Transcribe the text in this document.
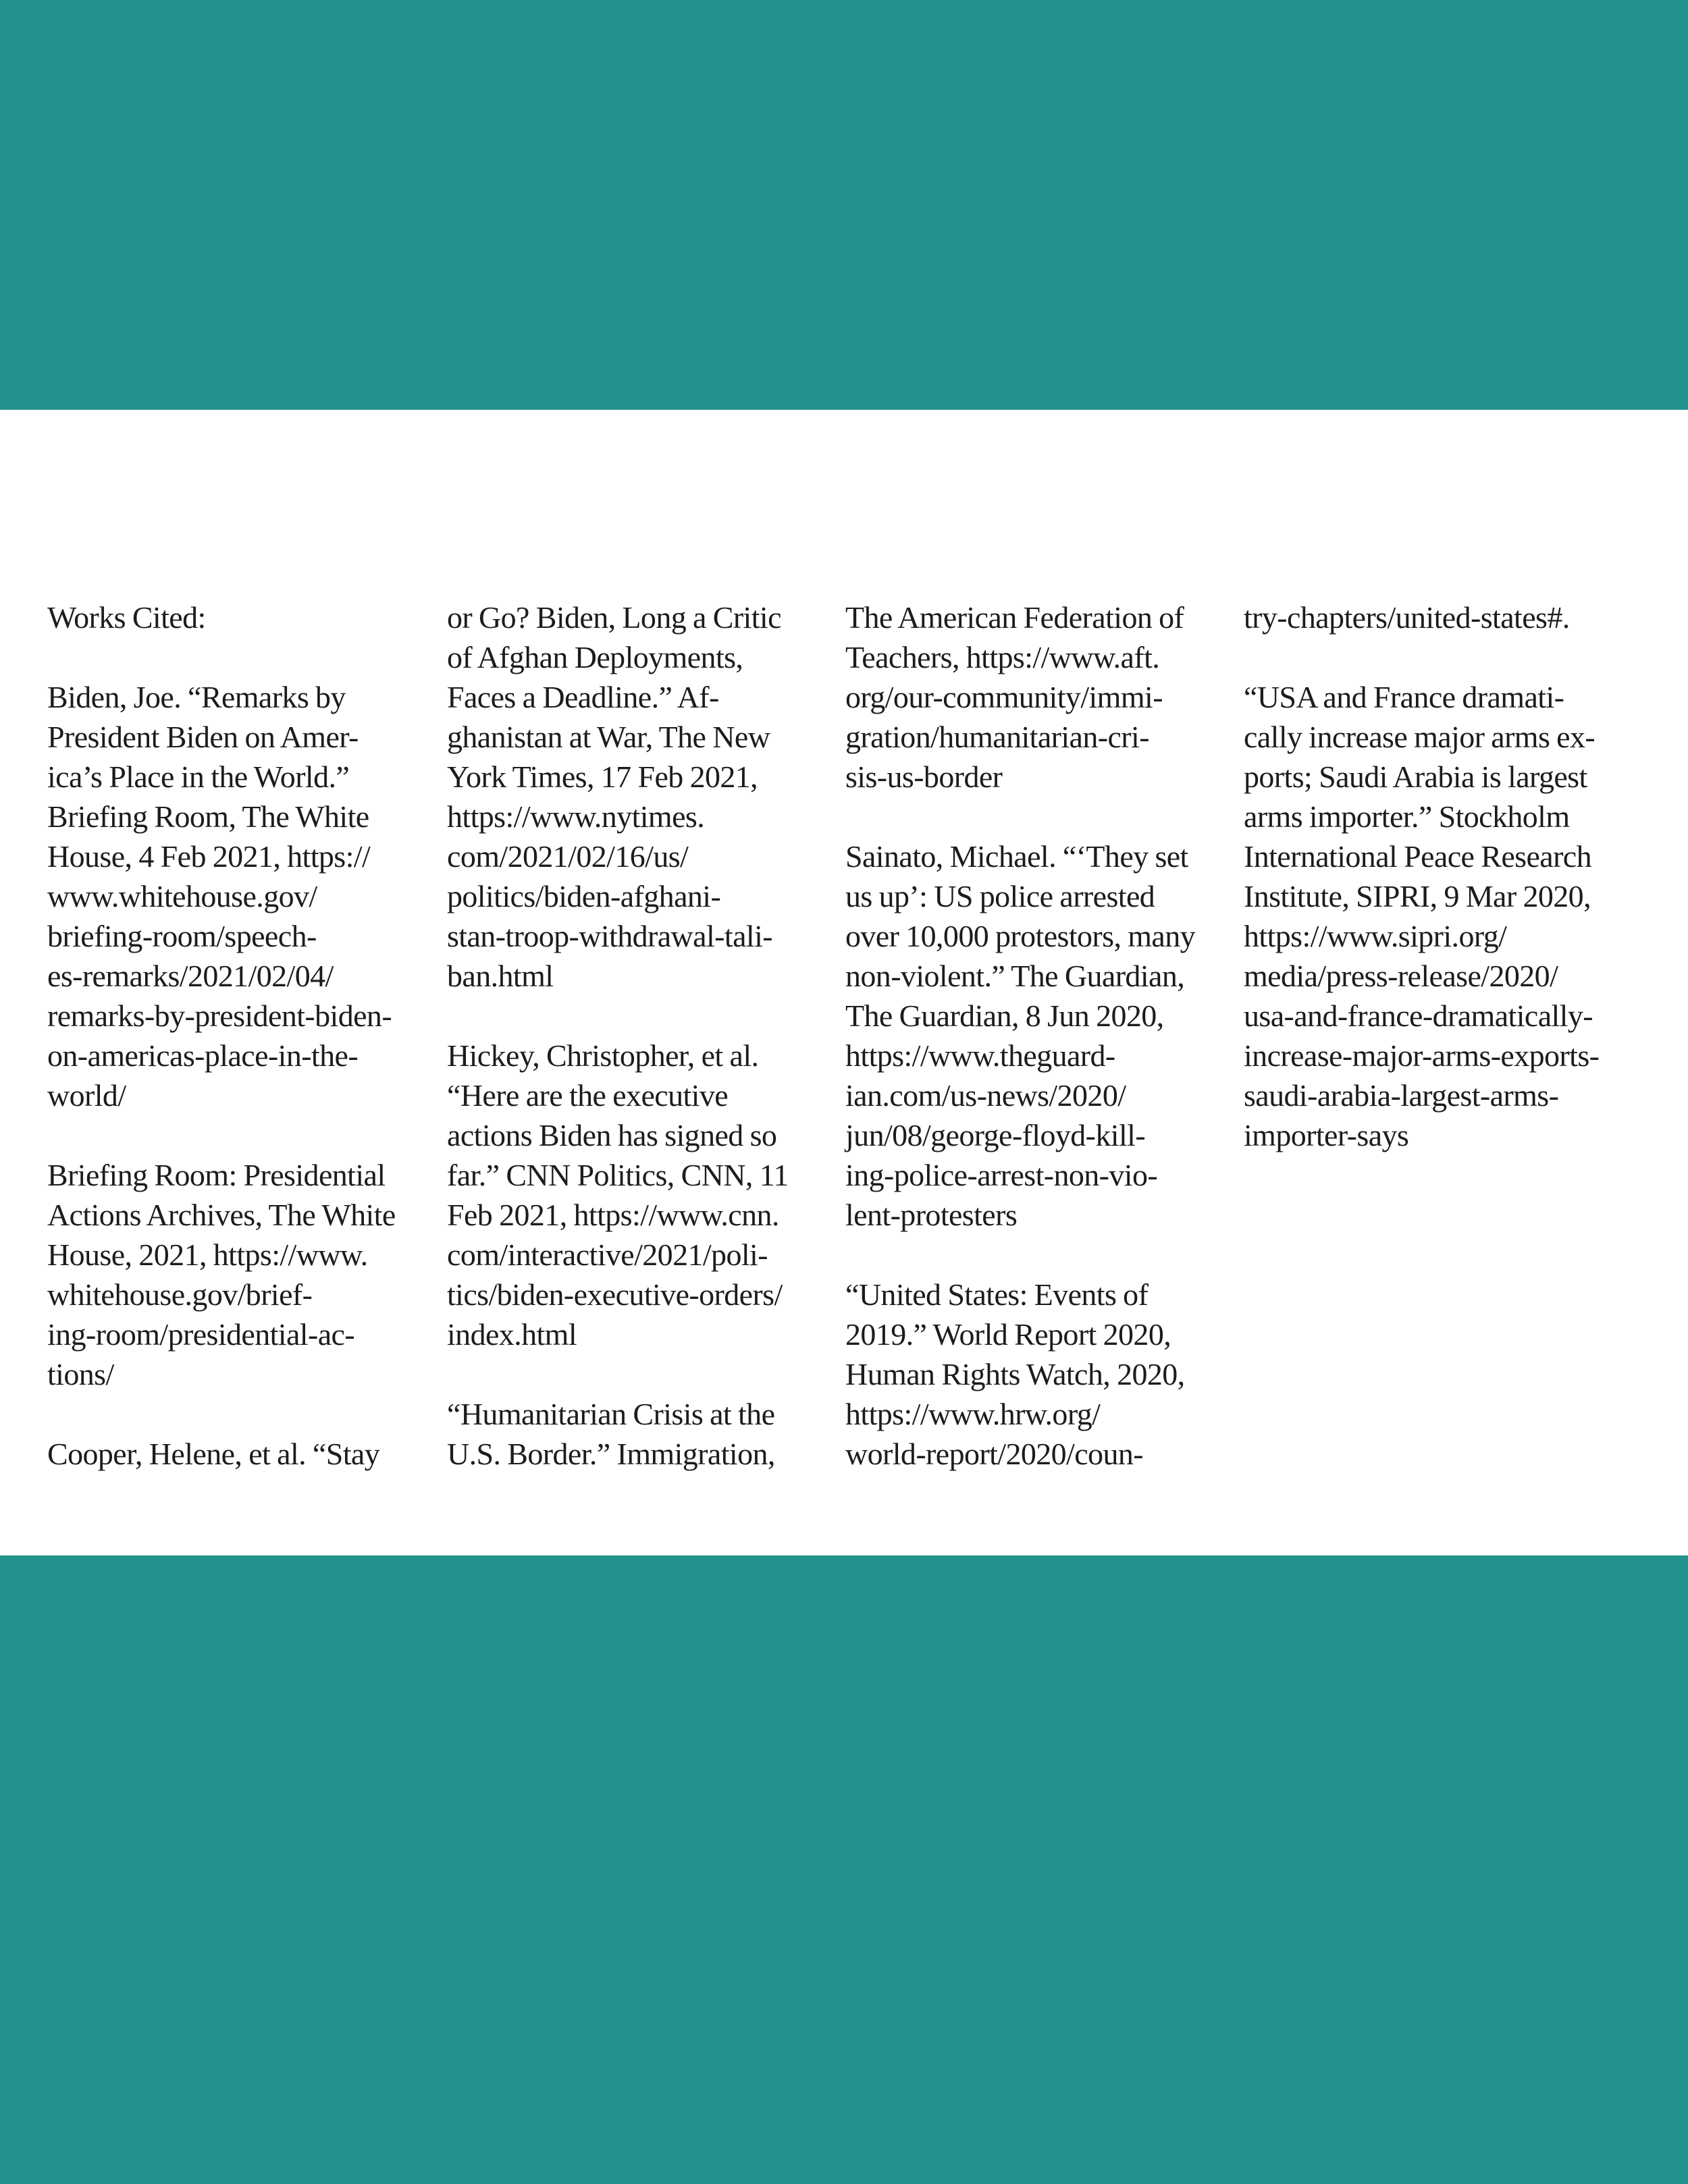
Works Cited:
Biden, Joe. “Remarks by
President Biden on Amer-
ica’s Place in the World.”
Briefing Room, The White
House, 4 Feb 2021, https://
www.whitehouse.gov/
briefing-room/speech-
es-remarks/2021/02/04/
remarks-by-president-biden-
on-americas-place-in-the-
world/
Briefing Room: Presidential
Actions Archives, The White
House, 2021, https://www.
whitehouse.gov/brief-
ing-room/presidential-ac-
tions/
Cooper, Helene, et al. “Stay
or Go? Biden, Long a Critic
of Afghan Deployments,
Faces a Deadline.” Af-
ghanistan at War, The New
York Times, 17 Feb 2021,
https://www.nytimes.
com/2021/02/16/us/
politics/biden-afghani-
stan-troop-withdrawal-tali-
ban.html
Hickey, Christopher, et al.
“Here are the executive
actions Biden has signed so
far.” CNN Politics, CNN, 11
Feb 2021, https://www.cnn.
com/interactive/2021/poli-
tics/biden-executive-orders/
index.html
“Humanitarian Crisis at the
U.S. Border.” Immigration,
The American Federation of
Teachers, https://www.aft.
org/our-community/immi-
gration/humanitarian-cri-
sis-us-border
Sainato, Michael. “‘They set
us up’: US police arrested
over 10,000 protestors, many
non-violent.” The Guardian,
The Guardian, 8 Jun 2020,
https://www.theguard-
ian.com/us-news/2020/
jun/08/george-floyd-kill-
ing-police-arrest-non-vio-
lent-protesters
“United States: Events of
2019.” World Report 2020,
Human Rights Watch, 2020,
https://www.hrw.org/
world-report/2020/coun-
try-chapters/united-states#.
“USA and France dramati-
cally increase major arms ex-
ports; Saudi Arabia is largest
arms importer.” Stockholm
International Peace Research
Institute, SIPRI, 9 Mar 2020,
https://www.sipri.org/
media/press-release/2020/
usa-and-france-dramatically-
increase-major-arms-exports-
saudi-arabia-largest-arms-
importer-says
